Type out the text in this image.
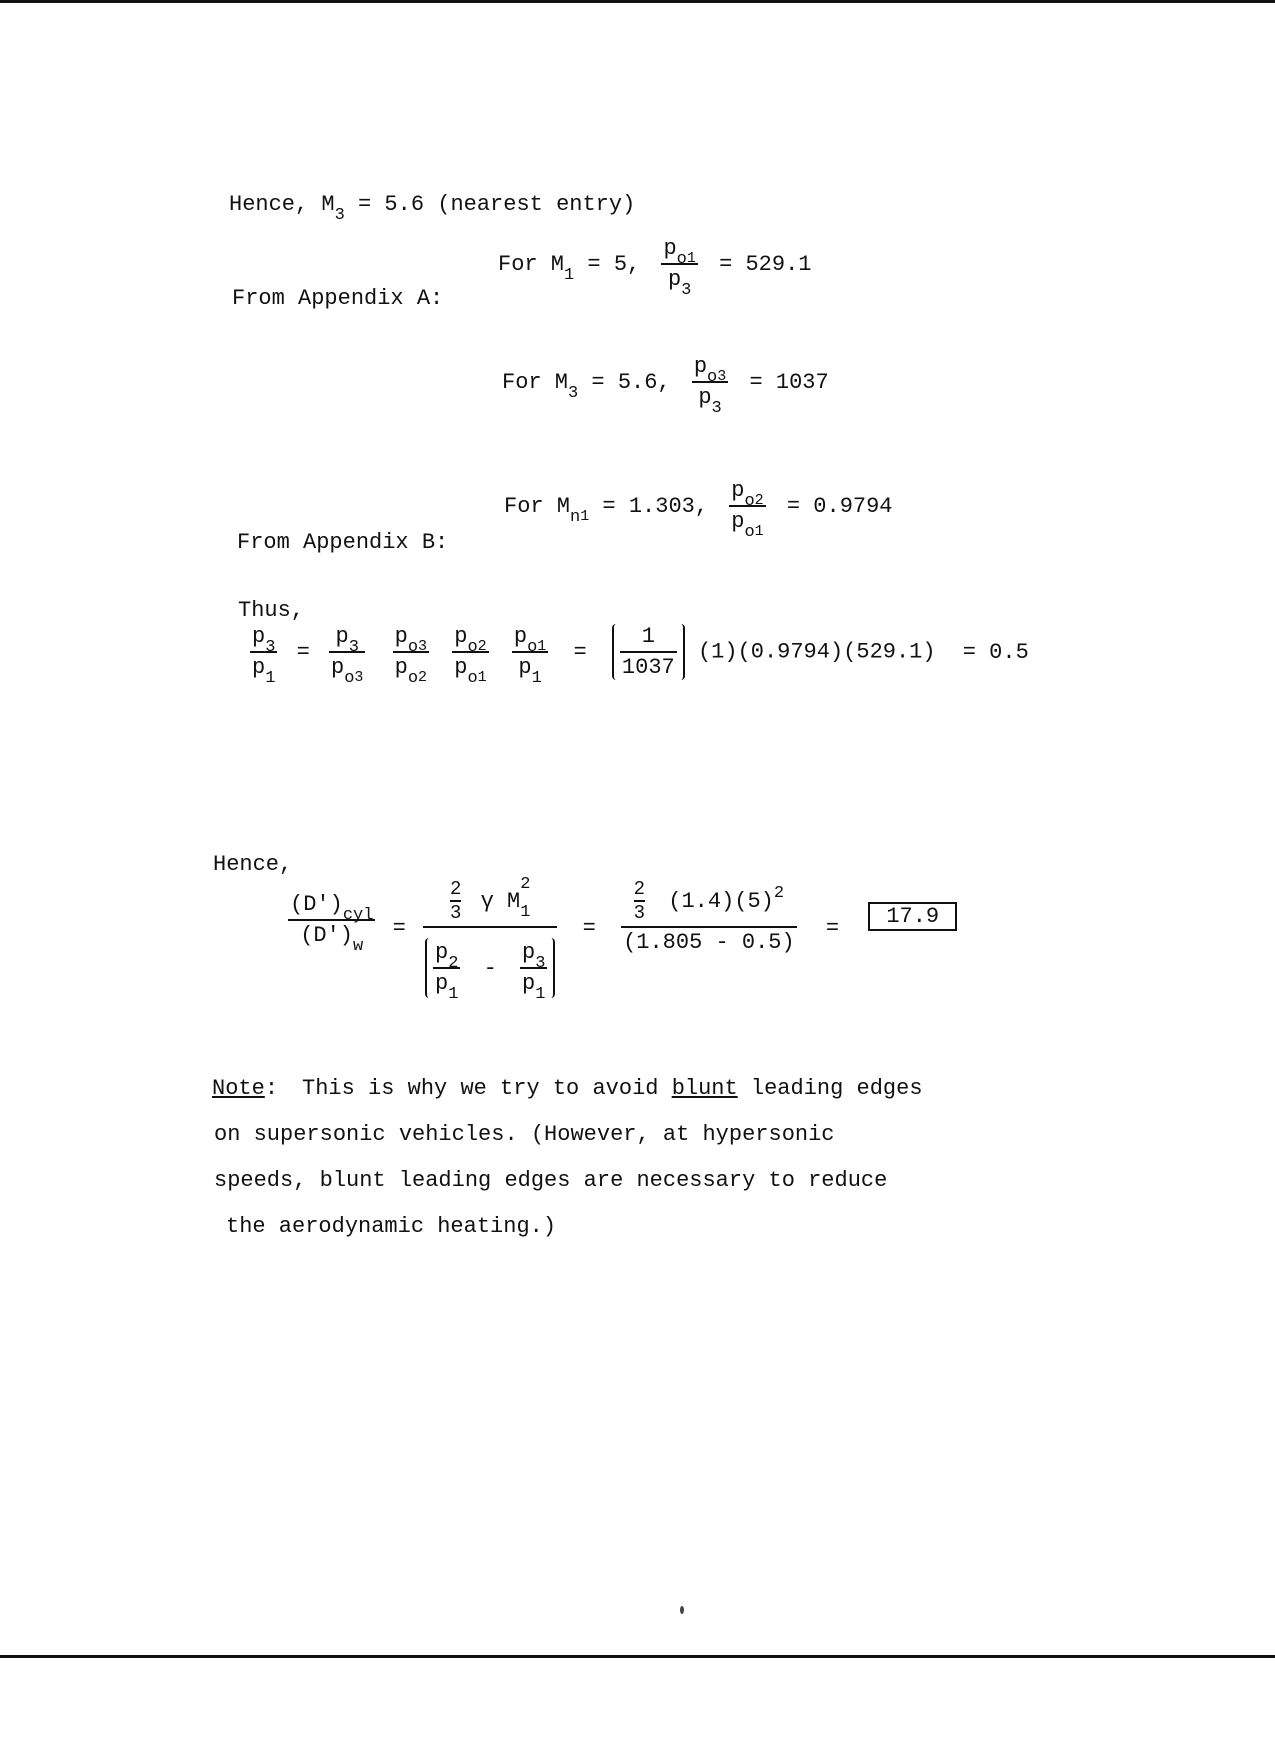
Hence, $M_3 = 5.6$ (nearest entry)
From Appendix A:
For $M_1 = 5$, $\frac{p_{o1}}{p_3} = 529.1$
For $M_3 = 5.6$, $\frac{p_{o3}}{p_3} = 1037$
From Appendix B:
For $M_{n1} = 1.303$, $\frac{p_{o2}}{p_{o1}} = 0.9794$
Thus,
$\frac{p_3}{p_1} = \frac{p_3}{p_{o3}}$
$\frac{p_{o3}}{p_{o2}}$
$\frac{p_{o2}}{p_{o1}}$
$\frac{p_{o1}}{p_1} = \frac{1}{1037} (1)(0.9794)(529.1) = 0.5$
Hence,
$\frac{(D')_{cyl}}{(D')_w}$ =
$\frac{2}{3}$ γ M
2
$_1$
$\frac{p_2}{p_1} - \frac{p_3}{p_1}$
= $\frac{\frac{2}{3} (1.4)(5)^2}{(1.805 - 0.5)} = 17.9$
Note: This is why we try to avoid blunt leading edges
on supersonic vehicles. (However, at hypersonic
speeds, blunt leading edges are necessary to reduce
the aerodynamic heating.)
